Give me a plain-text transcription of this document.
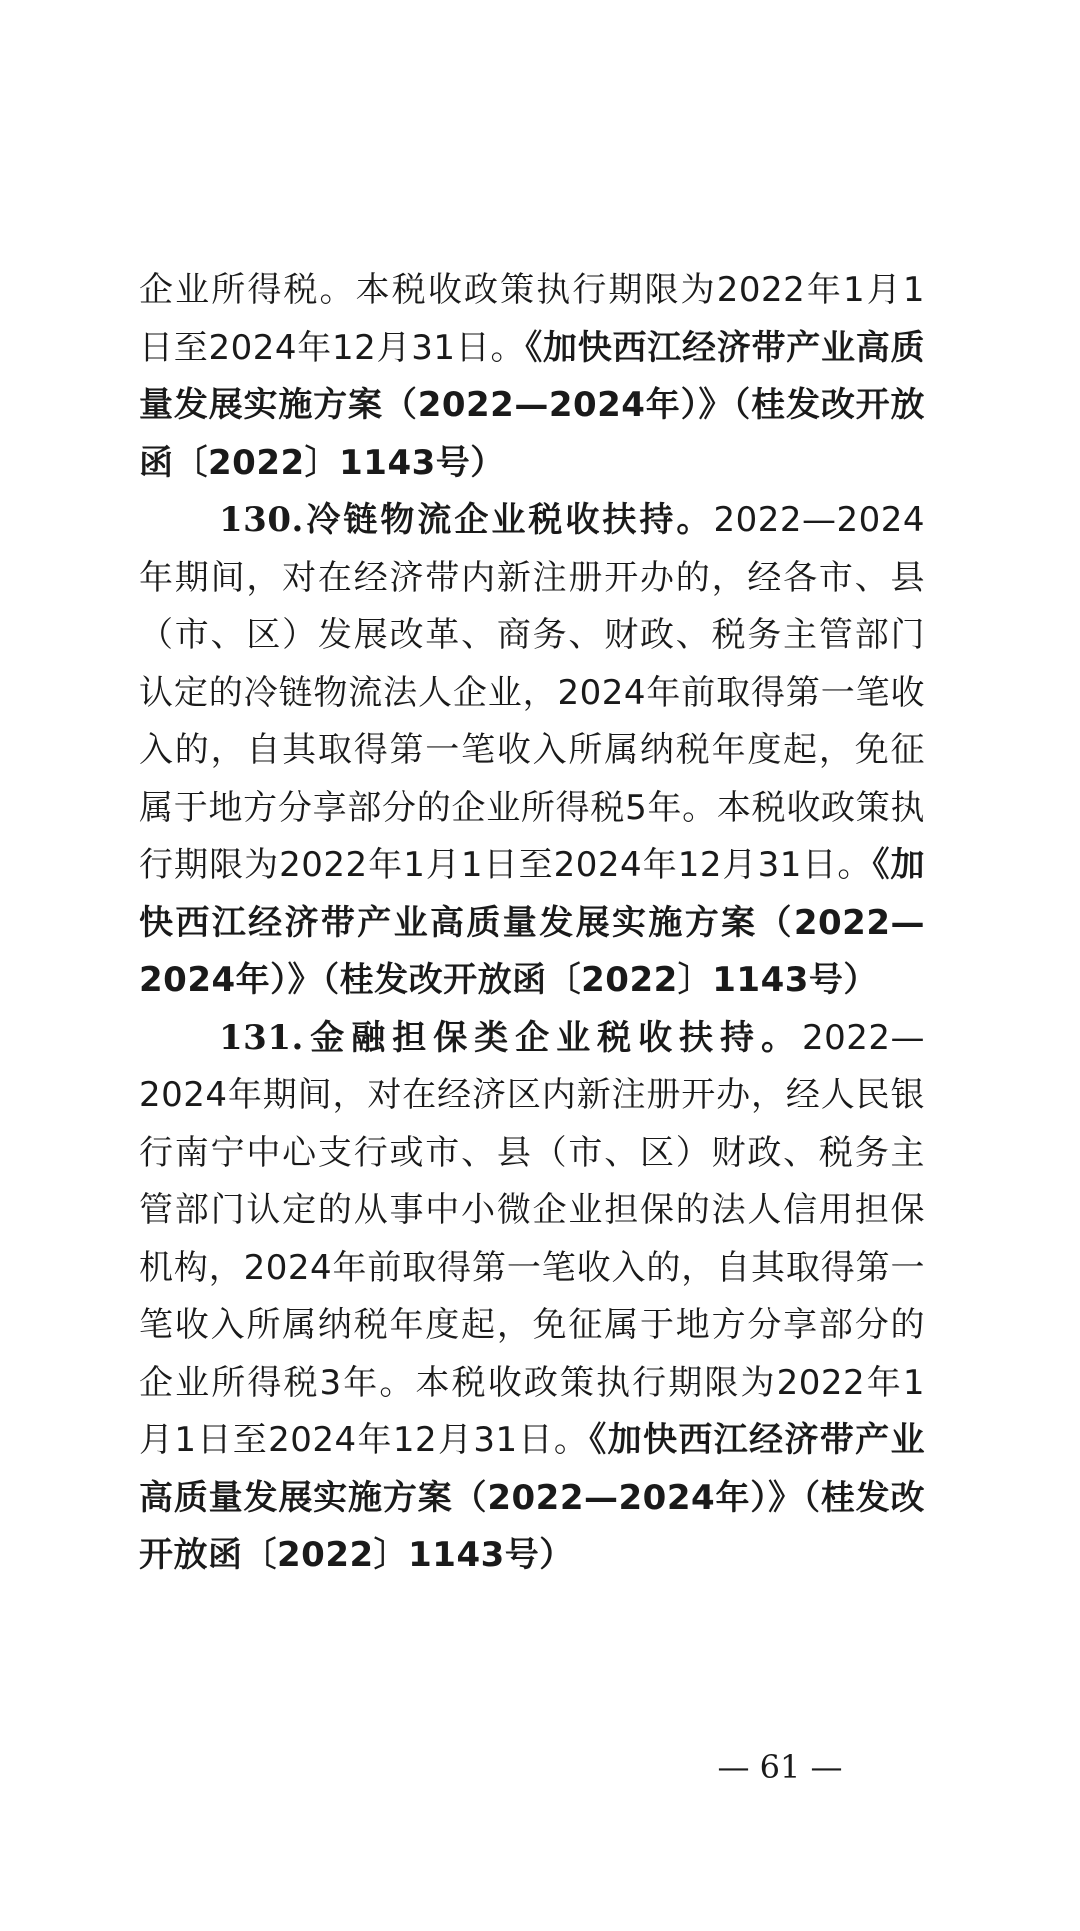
企业所得税。本税收政策执行期限为2022年1月1日至2024年12月31日。《加快西江经济带产业高质量发展实施方案（2022—2024年）》（桂发改开放函〔2022〕1143号）

130.冷链物流企业税收扶持。2022—2024年期间，对在经济带内新注册开办的，经各市、县（市、区）发展改革、商务、财政、税务主管部门认定的冷链物流法人企业，2024年前取得第一笔收入的，自其取得第一笔收入所属纳税年度起，免征属于地方分享部分的企业所得税5年。本税收政策执行期限为2022年1月1日至2024年12月31日。《加快西江经济带产业高质量发展实施方案（2022—2024年）》（桂发改开放函〔2022〕1143号）

131.金融担保类企业税收扶持。2022—2024年期间，对在经济区内新注册开办，经人民银行南宁中心支行或市、县（市、区）财政、税务主管部门认定的从事中小微企业担保的法人信用担保机构，2024年前取得第一笔收入的，自其取得第一笔收入所属纳税年度起，免征属于地方分享部分的企业所得税3年。本税收政策执行期限为2022年1月1日至2024年12月31日。《加快西江经济带产业高质量发展实施方案（2022—2024年）》（桂发改开放函〔2022〕1143号）

— 61 —
